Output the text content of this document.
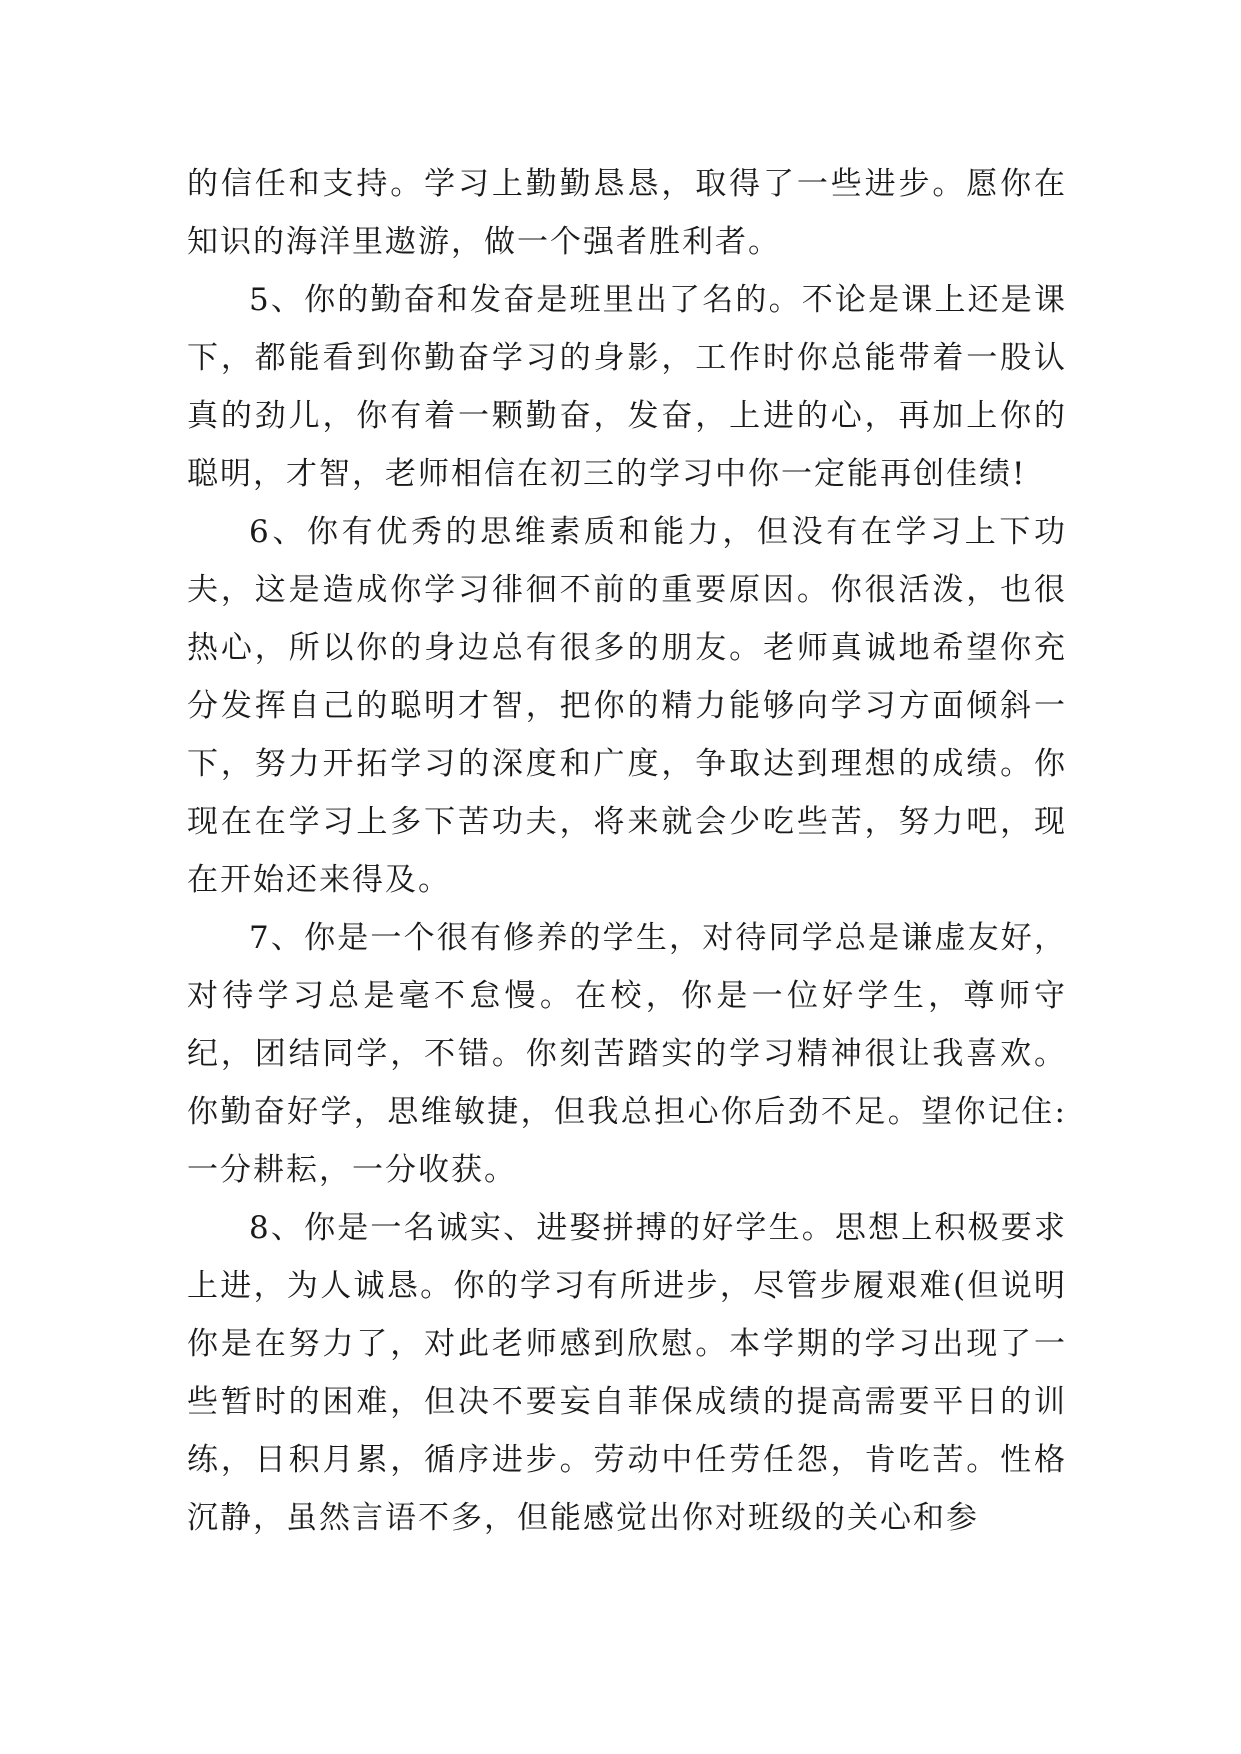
的信任和支持。学习上勤勤恳恳，取得了一些进步。愿你在知识的海洋里遨游，做一个强者胜利者。

5、你的勤奋和发奋是班里出了名的。不论是课上还是课下，都能看到你勤奋学习的身影，工作时你总能带着一股认真的劲儿，你有着一颗勤奋，发奋，上进的心，再加上你的聪明，才智，老师相信在初三的学习中你一定能再创佳绩!

6、你有优秀的思维素质和能力，但没有在学习上下功夫，这是造成你学习徘徊不前的重要原因。你很活泼，也很热心，所以你的身边总有很多的朋友。老师真诚地希望你充分发挥自己的聪明才智，把你的精力能够向学习方面倾斜一下，努力开拓学习的深度和广度，争取达到理想的成绩。你现在在学习上多下苦功夫，将来就会少吃些苦，努力吧，现在开始还来得及。

7、你是一个很有修养的学生，对待同学总是谦虚友好，对待学习总是毫不怠慢。在校，你是一位好学生，尊师守纪，团结同学，不错。你刻苦踏实的学习精神很让我喜欢。你勤奋好学，思维敏捷，但我总担心你后劲不足。望你记住:一分耕耘，一分收获。

8、你是一名诚实、进娶拼搏的好学生。思想上积极要求上进，为人诚恳。你的学习有所进步，尽管步履艰难(但说明你是在努力了，对此老师感到欣慰。本学期的学习出现了一些暂时的困难，但决不要妄自菲保成绩的提高需要平日的训练，日积月累，循序进步。劳动中任劳任怨，肯吃苦。性格沉静，虽然言语不多，但能感觉出你对班级的关心和参
